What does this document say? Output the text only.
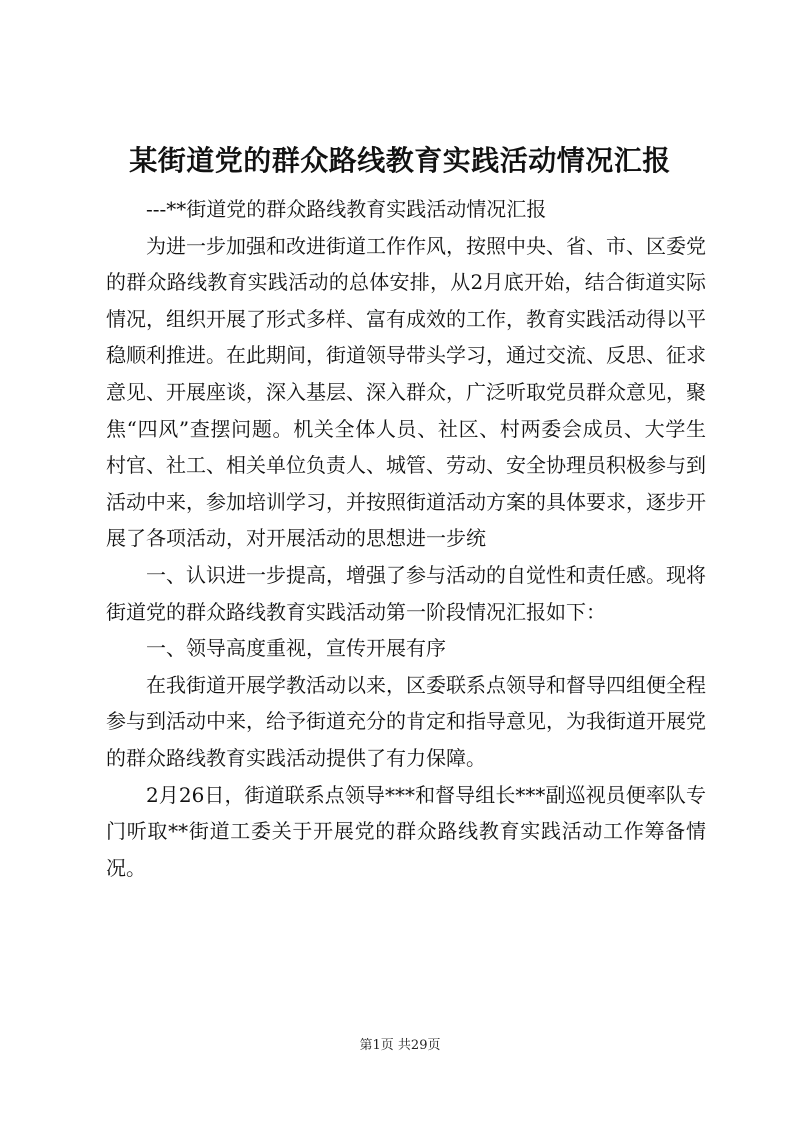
某街道党的群众路线教育实践活动情况汇报

---**街道党的群众路线教育实践活动情况汇报

为进一步加强和改进街道工作作风，按照中央、省、市、区委党的群众路线教育实践活动的总体安排，从2月底开始，结合街道实际情况，组织开展了形式多样、富有成效的工作，教育实践活动得以平稳顺利推进。在此期间，街道领导带头学习，通过交流、反思、征求意见、开展座谈，深入基层、深入群众，广泛听取党员群众意见，聚焦“四风”查摆问题。机关全体人员、社区、村两委会成员、大学生村官、社工、相关单位负责人、城管、劳动、安全协理员积极参与到活动中来，参加培训学习，并按照街道活动方案的具体要求，逐步开展了各项活动，对开展活动的思想进一步统

一、认识进一步提高，增强了参与活动的自觉性和责任感。现将街道党的群众路线教育实践活动第一阶段情况汇报如下：

一、领导高度重视，宣传开展有序

在我街道开展学教活动以来，区委联系点领导和督导四组便全程参与到活动中来，给予街道充分的肯定和指导意见，为我街道开展党的群众路线教育实践活动提供了有力保障。

2月26日，街道联系点领导***和督导组长***副巡视员便率队专门听取**街道工委关于开展党的群众路线教育实践活动工作筹备情况。

第1页 共29页
